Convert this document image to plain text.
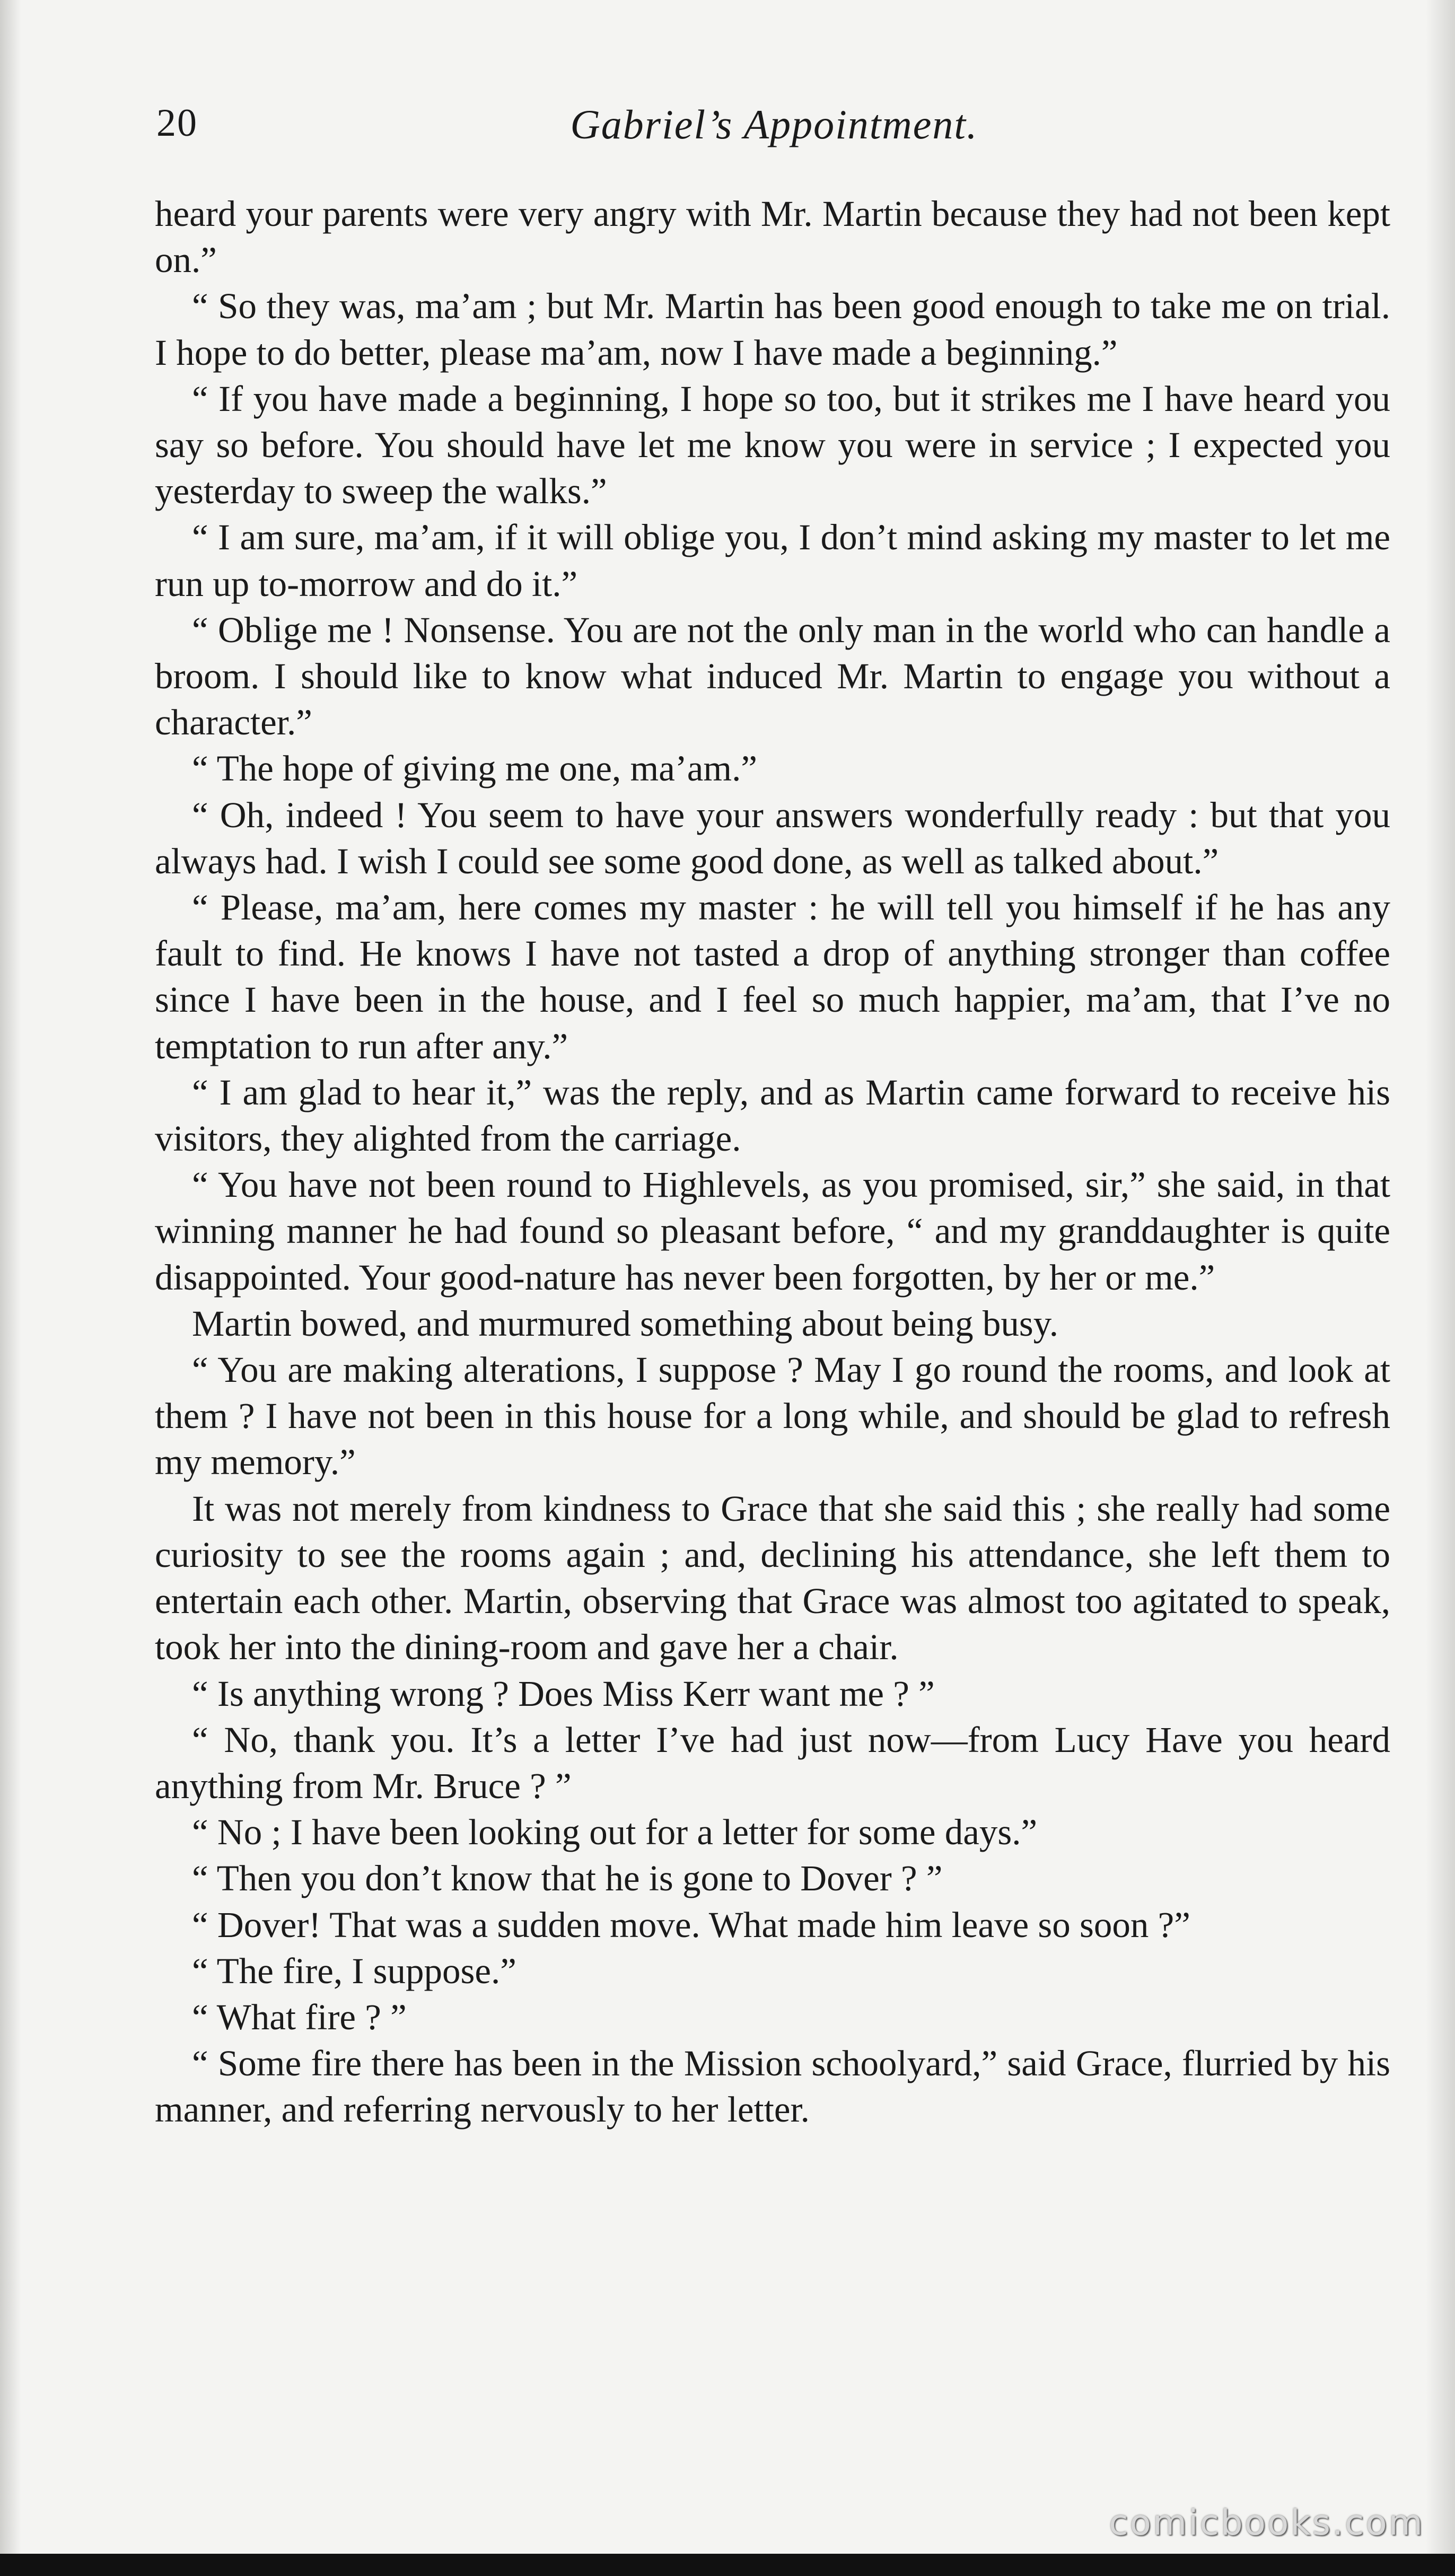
20	Gabriel’s Appointment.

heard your parents were very angry with Mr. Martin because they had not been kept on.”

“ So they was, ma’am ; but Mr. Martin has been good enough to take me on trial. I hope to do better, please ma’am, now I have made a beginning.”

“ If you have made a beginning, I hope so too, but it strikes me I have heard you say so before. You should have let me know you were in service ; I expected you yesterday to sweep the walks.”

“ I am sure, ma’am, if it will oblige you, I don’t mind asking my master to let me run up to-morrow and do it.”

“ Oblige me ! Nonsense. You are not the only man in the world who can handle a broom. I should like to know what induced Mr. Martin to engage you without a character.”

“ The hope of giving me one, ma’am.”

“ Oh, indeed ! You seem to have your answers wonderfully ready : but that you always had. I wish I could see some good done, as well as talked about.”

“ Please, ma’am, here comes my master : he will tell you himself if he has any fault to find. He knows I have not tasted a drop of anything stronger than coffee since I have been in the house, and I feel so much happier, ma’am, that I’ve no temptation to run after any.”

“ I am glad to hear it,” was the reply, and as Martin came forward to receive his visitors, they alighted from the carriage.

“ You have not been round to Highlevels, as you promised, sir,” she said, in that winning manner he had found so pleasant before, “ and my granddaughter is quite disappointed. Your good-nature has never been forgotten, by her or me.”

Martin bowed, and murmured something about being busy.

“ You are making alterations, I suppose ? May I go round the rooms, and look at them ? I have not been in this house for a long while, and should be glad to refresh my memory.”

It was not merely from kindness to Grace that she said this ; she really had some curiosity to see the rooms again ; and, declining his attendance, she left them to entertain each other. Martin, observing that Grace was almost too agitated to speak, took her into the dining-room and gave her a chair.

“ Is anything wrong ? Does Miss Kerr want me ? ”

“ No, thank you. It’s a letter I’ve had just now—from Lucy Have you heard anything from Mr. Bruce ? ”

“ No ; I have been looking out for a letter for some days.”

“ Then you don’t know that he is gone to Dover ? ”

“ Dover! That was a sudden move. What made him leave so soon ?”

“ The fire, I suppose.”

“ What fire ? ”

“ Some fire there has been in the Mission schoolyard,” said Grace, flurried by his manner, and referring nervously to her letter.

comicbooks.com
